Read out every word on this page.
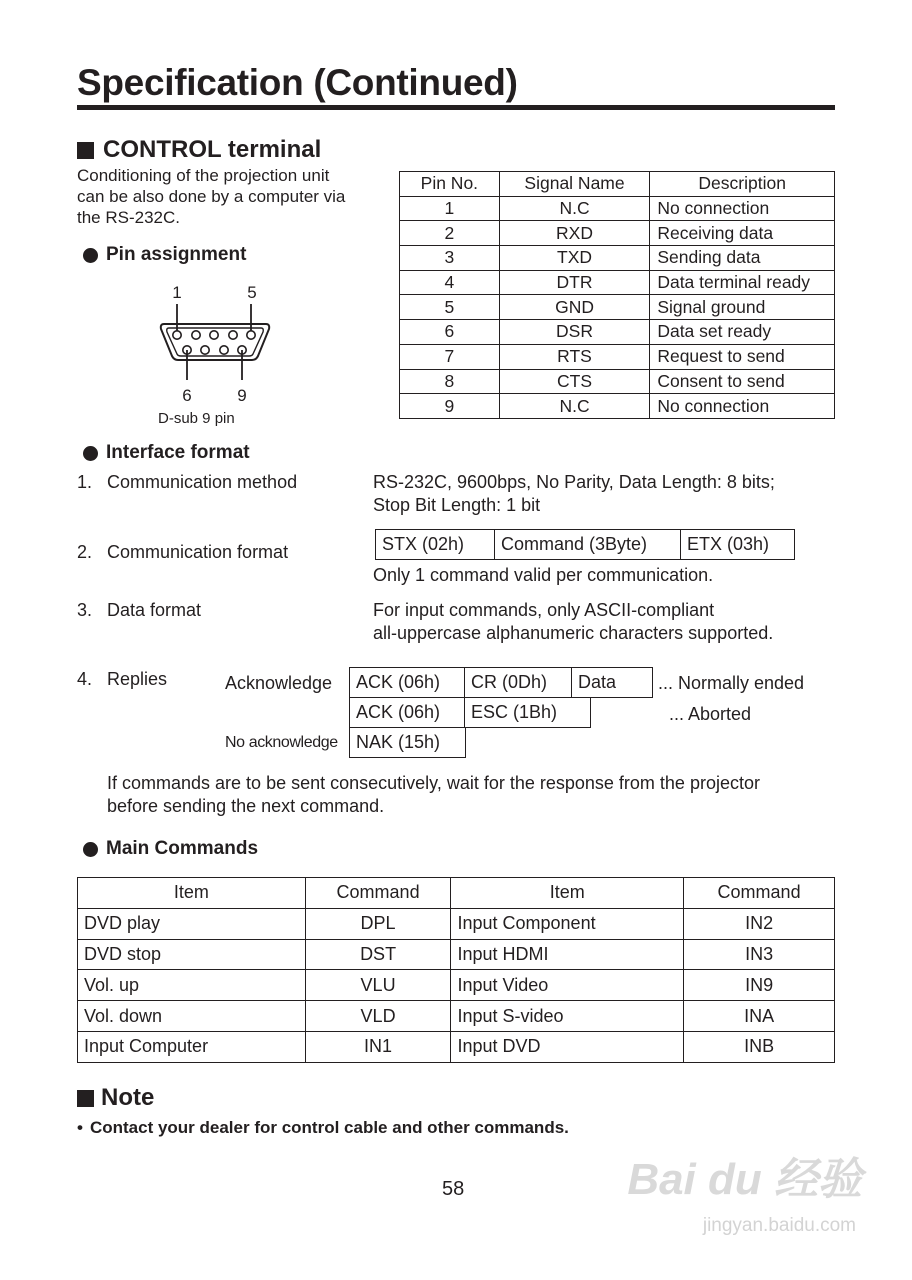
Specification (Continued)
CONTROL terminal
Conditioning of the projection unit
can be also done by a computer via
the RS-232C.
Pin assignment
1	5
6	9
D-sub 9 pin
Pin No.	Signal Name	Description
1	N.C	No connection
2	RXD	Receiving data
3	TXD	Sending data
4	DTR	Data terminal ready
5	GND	Signal ground
6	DSR	Data set ready
7	RTS	Request to send
8	CTS	Consent to send
9	N.C	No connection
Interface format
1. Communication method	RS-232C, 9600bps, No Parity, Data Length: 8 bits;
Stop Bit Length: 1 bit
2. Communication format	STX (02h)	Command (3Byte)	ETX (03h)
Only 1 command valid per communication.
3. Data format	For input commands, only ASCII-compliant
all-uppercase alphanumeric characters supported.
4. Replies	Acknowledge	ACK (06h)	CR (0Dh)	Data	... Normally ended
ACK (06h)	ESC (1Bh)	... Aborted
No acknowledge	NAK (15h)
If commands are to be sent consecutively, wait for the response from the projector
before sending the next command.
Main Commands
Item	Command	Item	Command
DVD play	DPL	Input Component	IN2
DVD stop	DST	Input HDMI	IN3
Vol. up	VLU	Input Video	IN9
Vol. down	VLD	Input S-video	INA
Input Computer	IN1	Input DVD	INB
Note
• Contact your dealer for control cable and other commands.
58	Bai du 经验
jingyan.baidu.com
